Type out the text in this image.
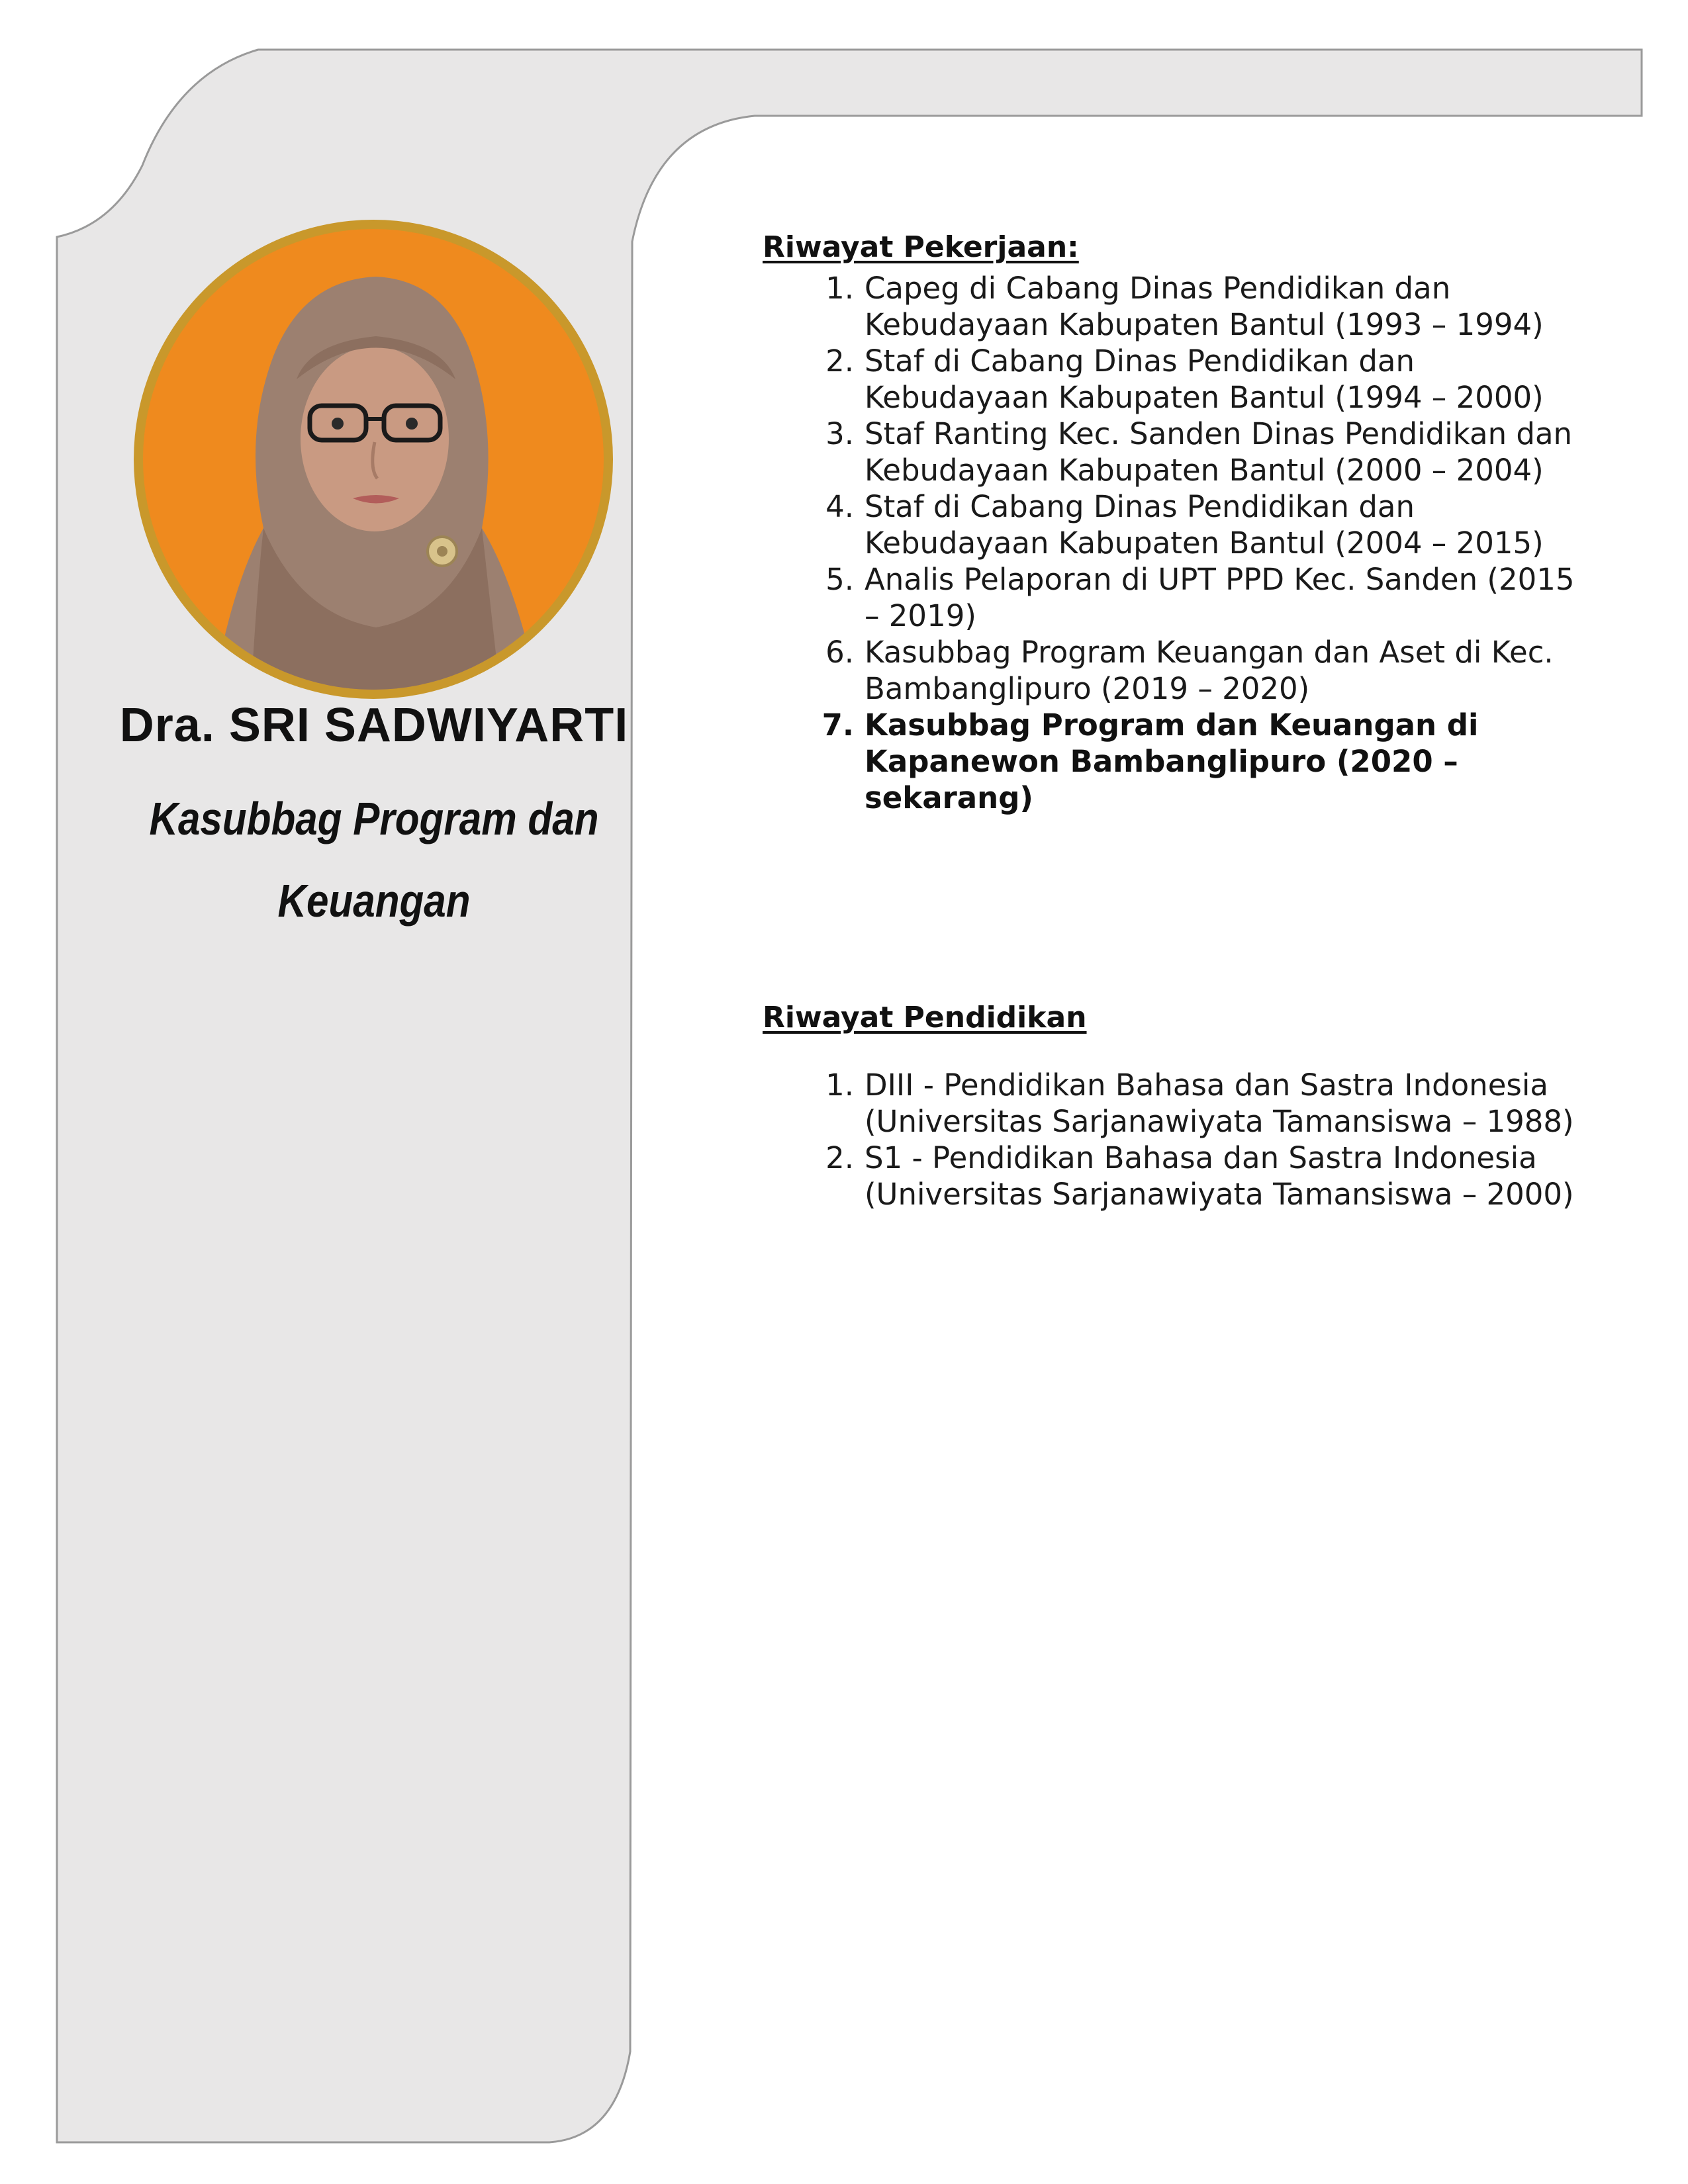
Dra. SRI SADWIYARTI
Kasubbag Program dan
Keuangan
Riwayat Pekerjaan:
1. Capeg di Cabang Dinas Pendidikan dan
Kebudayaan Kabupaten Bantul (1993 – 1994)
2. Staf di Cabang Dinas Pendidikan dan
Kebudayaan Kabupaten Bantul (1994 – 2000)
3. Staf Ranting Kec. Sanden Dinas Pendidikan dan
Kebudayaan Kabupaten Bantul (2000 – 2004)
4. Staf di Cabang Dinas Pendidikan dan
Kebudayaan Kabupaten Bantul (2004 – 2015)
5. Analis Pelaporan di UPT PPD Kec. Sanden (2015
– 2019)
6. Kasubbag Program Keuangan dan Aset di Kec.
Bambanglipuro (2019 – 2020)
7. Kasubbag Program dan Keuangan di
Kapanewon Bambanglipuro (2020 – sekarang)
Riwayat Pendidikan
1. DIII - Pendidikan Bahasa dan Sastra Indonesia
(Universitas Sarjanawiyata Tamansiswa – 1988)
2. S1 - Pendidikan Bahasa dan Sastra Indonesia
(Universitas Sarjanawiyata Tamansiswa – 2000)
